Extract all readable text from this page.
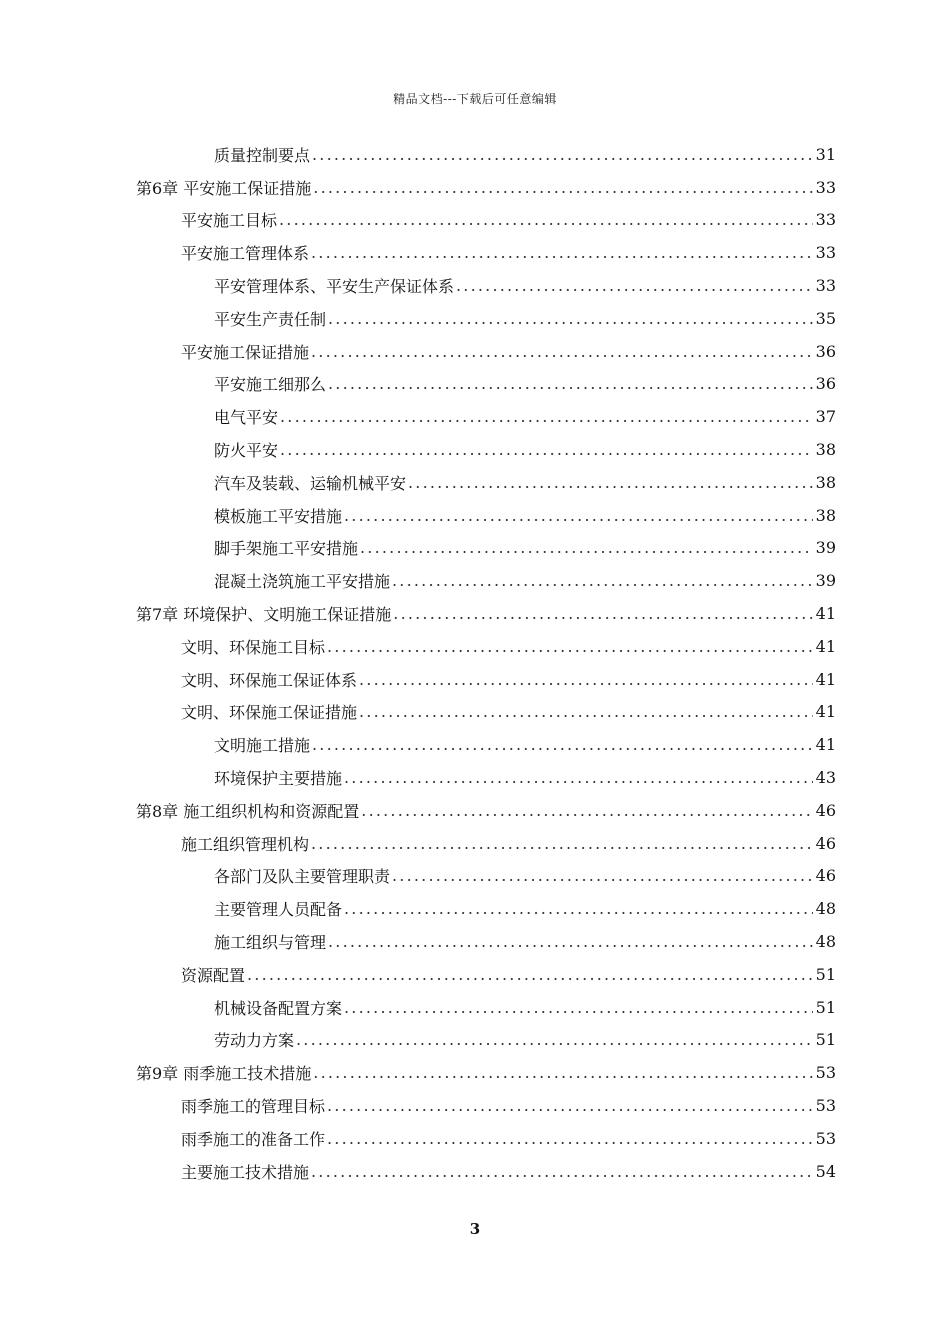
精品文档---下载后可任意编辑
质量控制要点 .....	31
第6章 平安施工保证措施 .....	33
平安施工目标 .....	33
平安施工管理体系 .....	33
平安管理体系、平安生产保证体系 .....	33
平安生产责任制 .....	35
平安施工保证措施 .....	36
平安施工细那么 .....	36
电气平安 .....	37
防火平安 .....	38
汽车及装载、运输机械平安 .....	38
模板施工平安措施 .....	38
脚手架施工平安措施 .....	39
混凝土浇筑施工平安措施 .....	39
第7章 环境保护、文明施工保证措施 .....	41
文明、环保施工目标 .....	41
文明、环保施工保证体系 .....	41
文明、环保施工保证措施 .....	41
文明施工措施 .....	41
环境保护主要措施 .....	43
第8章 施工组织机构和资源配置 .....	46
施工组织管理机构 .....	46
各部门及队主要管理职责 .....	46
主要管理人员配备 .....	48
施工组织与管理 .....	48
资源配置 .....	51
机械设备配置方案 .....	51
劳动力方案 .....	51
第9章 雨季施工技术措施 .....	53
雨季施工的管理目标 .....	53
雨季施工的准备工作 .....	53
主要施工技术措施 .....	54
3
